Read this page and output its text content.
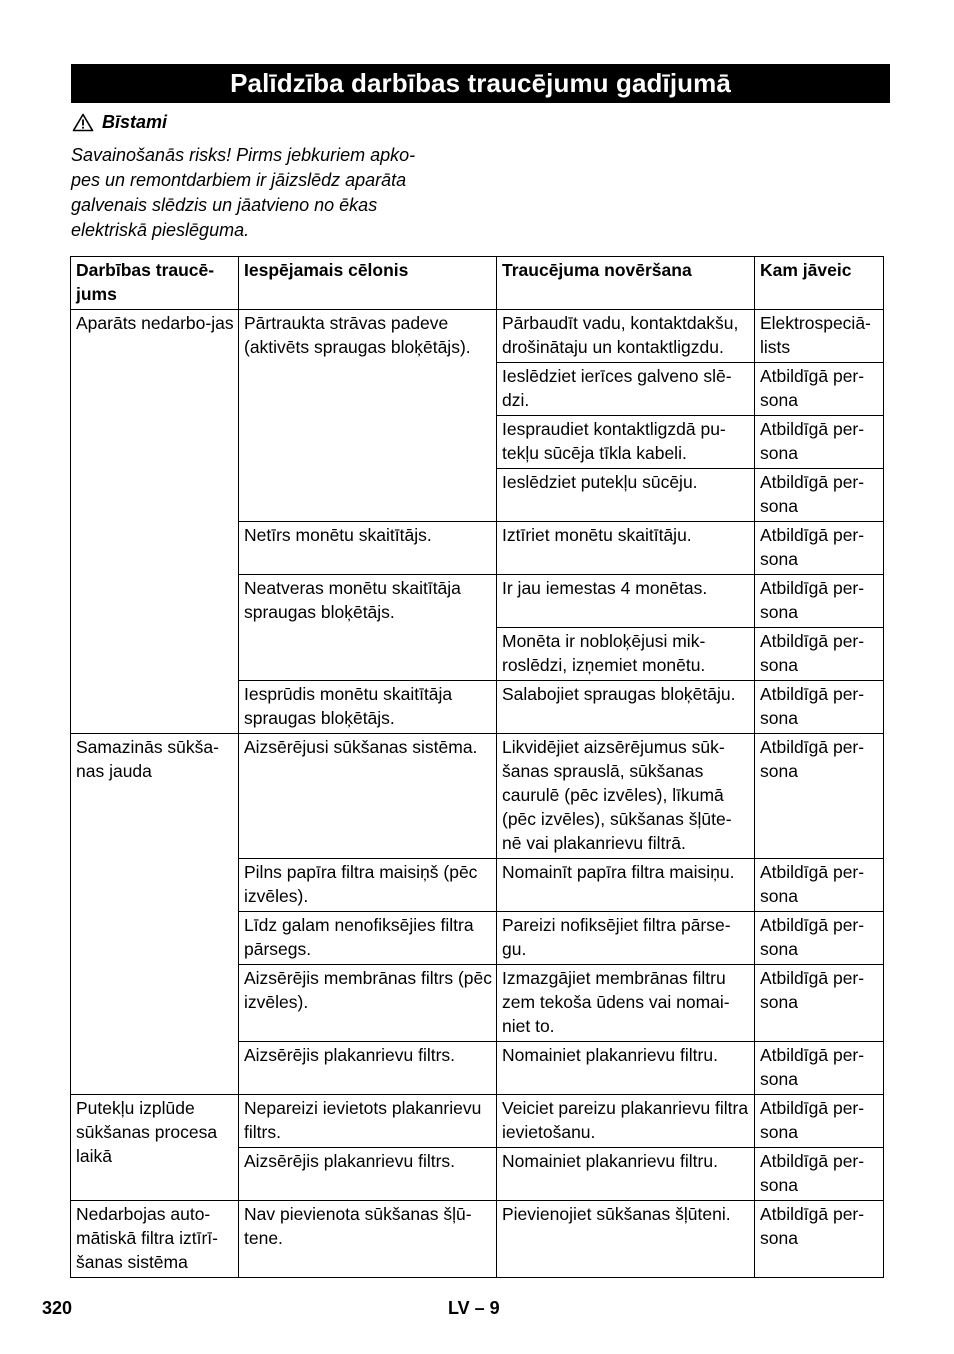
Palīdzība darbības traucējumu gadījumā
Bīstami
Savainošanās risks! Pirms jebkuriem apko-
pes un remontdarbiem ir jāizslēdz aparāta
galvenais slēdzis un jāatvieno no ēkas
elektriskā pieslēguma.
Darbības traucē-jums	Iespējamais cēlonis	Traucējuma novēršana	Kam jāveic
Aparāts nedarbo-jas	Pārtraukta strāvas padeve (aktivēts spraugas bloķētājs).	Pārbaudīt vadu, kontaktdakšu, drošinātaju un kontaktligzdu.	Elektrospeciā-lists
		Ieslēdziet ierīces galveno slē-dzi.	Atbildīgā per-sona
		Iespraudiet kontaktligzdā pu-tekļu sūcēja tīkla kabeli.	Atbildīgā per-sona
		Ieslēdziet putekļu sūcēju.	Atbildīgā per-sona
	Netīrs monētu skaitītājs.	Iztīriet monētu skaitītāju.	Atbildīgā per-sona
	Neatveras monētu skaitītāja spraugas bloķētājs.	Ir jau iemestas 4 monētas.	Atbildīgā per-sona
		Monēta ir nobloķējusi mik-roslēdzi, izņemiet monētu.	Atbildīgā per-sona
	Iesprūdis monētu skaitītāja spraugas bloķētājs.	Salabojiet spraugas bloķētāju.	Atbildīgā per-sona
Samazinās sūkša-nas jauda	Aizsērējusi sūkšanas sistēma.	Likvidējiet aizsērējumus sūk-šanas sprauslā, sūkšanas caurulē (pēc izvēles), līkumā (pēc izvēles), sūkšanas šļūte-nē vai plakanrievu filtrā.	Atbildīgā per-sona
	Pilns papīra filtra maisiņš (pēc izvēles).	Nomainīt papīra filtra maisiņu.	Atbildīgā per-sona
	Līdz galam nenofiksējies filtra pārsegs.	Pareizi nofiksējiet filtra pārse-gu.	Atbildīgā per-sona
	Aizsērējis membrānas filtrs (pēc izvēles).	Izmazgājiet membrānas filtru zem tekoša ūdens vai nomai-niet to.	Atbildīgā per-sona
	Aizsērējis plakanrievu filtrs.	Nomainiet plakanrievu filtru.	Atbildīgā per-sona
Putekļu izplūde sūkšanas procesa laikā	Nepareizi ievietots plakanrievu filtrs.	Veiciet pareizu plakanrievu filtra ievietošanu.	Atbildīgā per-sona
	Aizsērējis plakanrievu filtrs.	Nomainiet plakanrievu filtru.	Atbildīgā per-sona
Nedarbojas auto-mātiskā filtra iztīrī-šanas sistēma	Nav pievienota sūkšanas šļū-tene.	Pievienojiet sūkšanas šļūteni.	Atbildīgā per-sona
320	LV – 9
